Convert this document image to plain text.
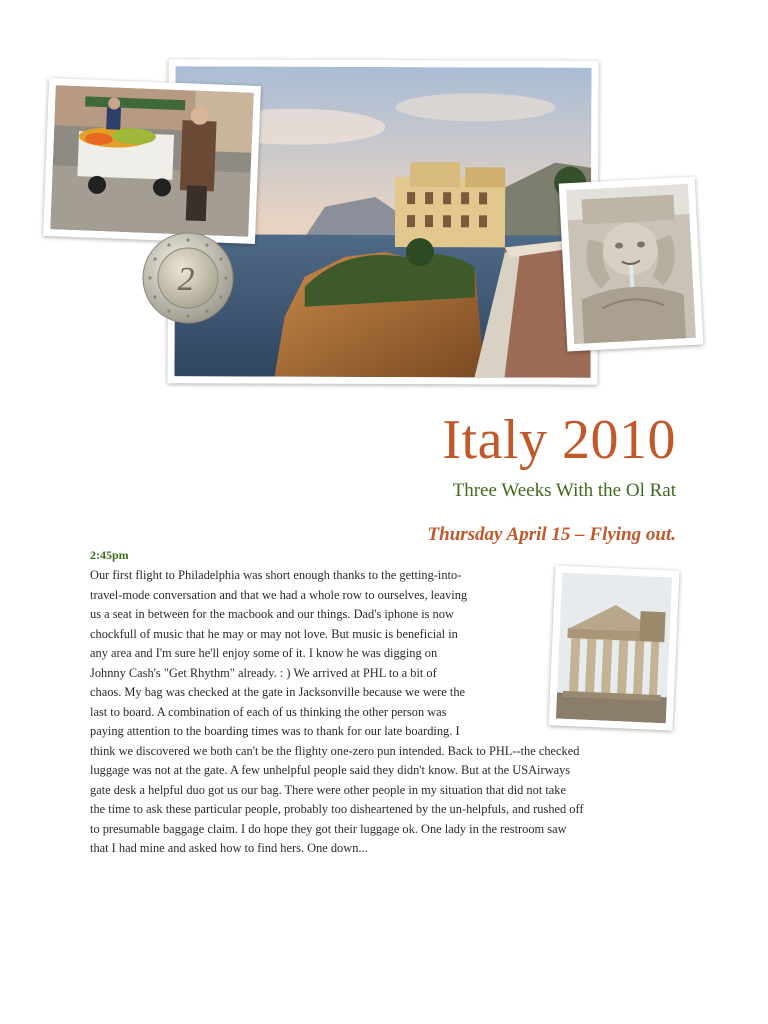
2
Italy 2010
Three Weeks With the Ol Rat
Thursday April 15 – Flying out.
2:45pm
Our first flight to Philadelphia was short enough thanks to the getting-into-
travel-mode conversation and that we had a whole row to ourselves, leaving
us a seat in between for the macbook and our things. Dad's iphone is now
chockfull of music that he may or may not love. But music is beneficial in
any area and I'm sure he'll enjoy some of it. I know he was digging on
Johnny Cash's "Get Rhythm" already. : ) We arrived at PHL to a bit of
chaos. My bag was checked at the gate in Jacksonville because we were the
last to board. A combination of each of us thinking the other person was
paying attention to the boarding times was to thank for our late boarding. I
think we discovered we both can't be the flighty one-zero pun intended. Back to PHL--the checked
luggage was not at the gate. A few unhelpful people said they didn't know. But at the USAirways
gate desk a helpful duo got us our bag. There were other people in my situation that did not take
the time to ask these particular people, probably too disheartened by the un-helpfuls, and rushed off
to presumable baggage claim. I do hope they got their luggage ok. One lady in the restroom saw
that I had mine and asked how to find hers. One down...
